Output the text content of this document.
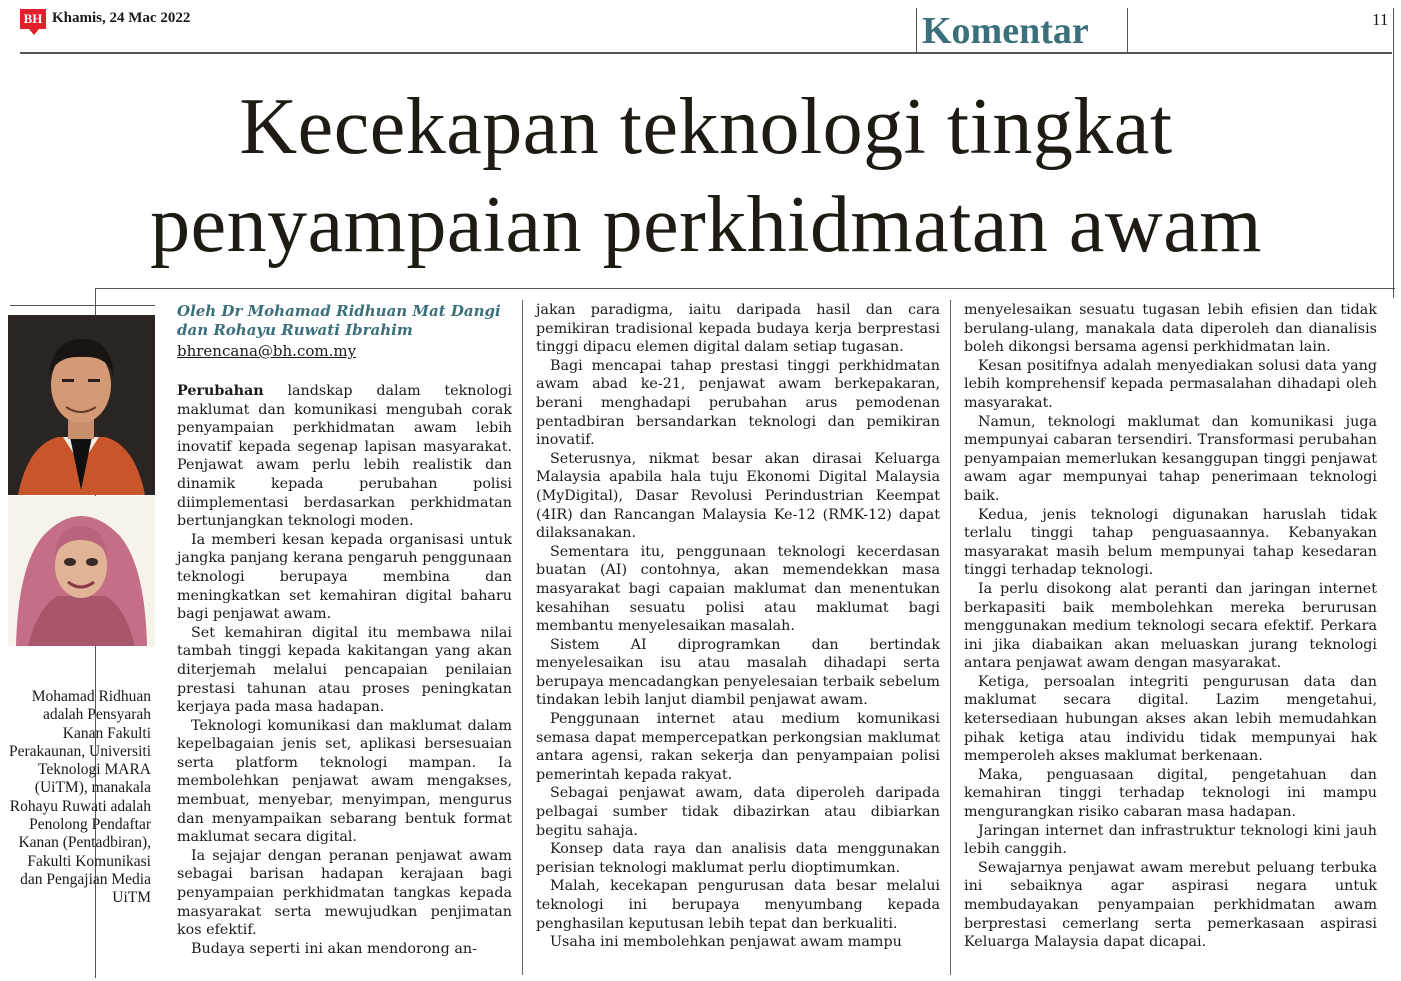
BH Khamis, 24 Mac 2022	Komentar	11
Kecekapan teknologi tingkat
penyampaian perkhidmatan awam
Mohamad Ridhuan adalah Pensyarah Kanan Fakulti Perakaunan, Universiti Teknologi MARA (UiTM), manakala Rohayu Ruwati adalah Penolong Pendaftar Kanan (Pentadbiran), Fakulti Komunikasi dan Pengajian Media UiTM
Oleh Dr Mohamad Ridhuan Mat Dangi
dan Rohayu Ruwati Ibrahim
bhrencana@bh.com.my

Perubahan landskap dalam teknologi maklumat dan komunikasi mengubah corak penyampaian perkhidmatan awam lebih inovatif kepada segenap lapisan masyarakat. Penjawat awam perlu lebih realistik dan dinamik kepada perubahan polisi diimplementasi berdasarkan perkhidmatan bertunjangkan teknologi moden.

Ia memberi kesan kepada organisasi untuk jangka panjang kerana pengaruh penggunaan teknologi berupaya membina dan meningkatkan set kemahiran digital baharu bagi penjawat awam.

Set kemahiran digital itu membawa nilai tambah tinggi kepada kakitangan yang akan diterjemah melalui pencapaian penilaian prestasi tahunan atau proses peningkatan kerjaya pada masa hadapan.

Teknologi komunikasi dan maklumat dalam kepelbagaian jenis set, aplikasi bersesuaian serta platform teknologi mampan. Ia membolehkan penjawat awam mengakses, membuat, menyebar, menyimpan, mengurus dan menyampaikan sebarang bentuk format maklumat secara digital.

Ia sejajar dengan peranan penjawat awam sebagai barisan hadapan kerajaan bagi penyampaian perkhidmatan tangkas kepada masyarakat serta mewujudkan penjimatan kos efektif.

Budaya seperti ini akan mendorong an-

jakan paradigma, iaitu daripada hasil dan cara pemikiran tradisional kepada budaya kerja berprestasi tinggi dipacu elemen digital dalam setiap tugasan.

Bagi mencapai tahap prestasi tinggi perkhidmatan awam abad ke-21, penjawat awam berkepakaran, berani menghadapi perubahan arus pemodenan pentadbiran bersandarkan teknologi dan pemikiran inovatif.

Seterusnya, nikmat besar akan dirasai Keluarga Malaysia apabila hala tuju Ekonomi Digital Malaysia (MyDigital), Dasar Revolusi Perindustrian Keempat (4IR) dan Rancangan Malaysia Ke-12 (RMK-12) dapat dilaksanakan.

Sementara itu, penggunaan teknologi kecerdasan buatan (AI) contohnya, akan memendekkan masa masyarakat bagi capaian maklumat dan menentukan kesahihan sesuatu polisi atau maklumat bagi membantu menyelesaikan masalah.

Sistem AI diprogramkan dan bertindak menyelesaikan isu atau masalah dihadapi serta berupaya mencadangkan penyelesaian terbaik sebelum tindakan lebih lanjut diambil penjawat awam.

Penggunaan internet atau medium komunikasi semasa dapat mempercepatkan perkongsian maklumat antara agensi, rakan sekerja dan penyampaian polisi pemerintah kepada rakyat.

Sebagai penjawat awam, data diperoleh daripada pelbagai sumber tidak dibazirkan atau dibiarkan begitu sahaja.

Konsep data raya dan analisis data menggunakan perisian teknologi maklumat perlu dioptimumkan.

Malah, kecekapan pengurusan data besar melalui teknologi ini berupaya menyumbang kepada penghasilan keputusan lebih tepat dan berkualiti.

Usaha ini membolehkan penjawat awam mampu

menyelesaikan sesuatu tugasan lebih efisien dan tidak berulang-ulang, manakala data diperoleh dan dianalisis boleh dikongsi bersama agensi perkhidmatan lain.

Kesan positifnya adalah menyediakan solusi data yang lebih komprehensif kepada permasalahan dihadapi oleh masyarakat.

Namun, teknologi maklumat dan komunikasi juga mempunyai cabaran tersendiri. Transformasi perubahan penyampaian memerlukan kesanggupan tinggi penjawat awam agar mempunyai tahap penerimaan teknologi baik.

Kedua, jenis teknologi digunakan haruslah tidak terlalu tinggi tahap penguasaannya. Kebanyakan masyarakat masih belum mempunyai tahap kesedaran tinggi terhadap teknologi.

Ia perlu disokong alat peranti dan jaringan internet berkapasiti baik membolehkan mereka berurusan menggunakan medium teknologi secara efektif. Perkara ini jika diabaikan akan meluaskan jurang teknologi antara penjawat awam dengan masyarakat.

Ketiga, persoalan integriti pengurusan data dan maklumat secara digital. Lazim mengetahui, ketersediaan hubungan akses akan lebih memudahkan pihak ketiga atau individu tidak mempunyai hak memperoleh akses maklumat berkenaan.

Maka, penguasaan digital, pengetahuan dan kemahiran tinggi terhadap teknologi ini mampu mengurangkan risiko cabaran masa hadapan.

Jaringan internet dan infrastruktur teknologi kini jauh lebih canggih.

Sewajarnya penjawat awam merebut peluang terbuka ini sebaiknya agar aspirasi negara untuk membudayakan penyampaian perkhidmatan awam berprestasi cemerlang serta pemerkasaan aspirasi Keluarga Malaysia dapat dicapai.
